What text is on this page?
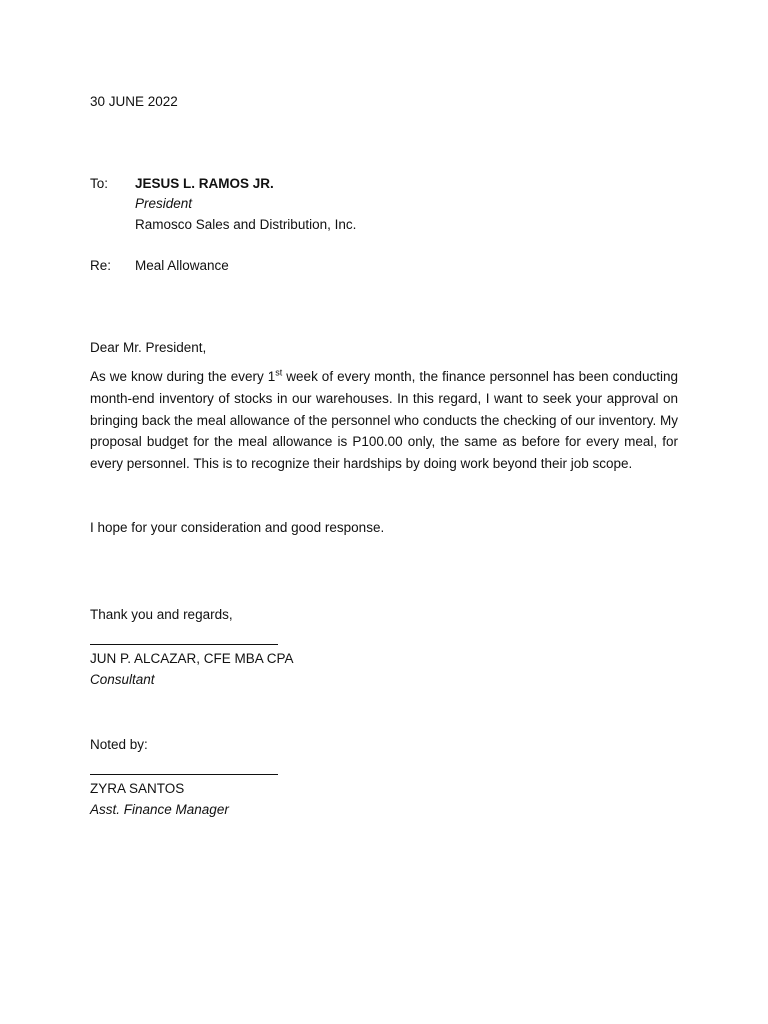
30 JUNE 2022
To: JESUS L. RAMOS JR.
President
Ramosco Sales and Distribution, Inc.
Re: Meal Allowance
Dear Mr. President,
As we know during the every 1st week of every month, the finance personnel has been conducting month-end inventory of stocks in our warehouses. In this regard, I want to seek your approval on bringing back the meal allowance of the personnel who conducts the checking of our inventory. My proposal budget for the meal allowance is P100.00 only, the same as before for every meal, for every personnel. This is to recognize their hardships by doing work beyond their job scope.
I hope for your consideration and good response.
Thank you and regards,
JUN P. ALCAZAR, CFE MBA CPA
Consultant
Noted by:
ZYRA SANTOS
Asst. Finance Manager
